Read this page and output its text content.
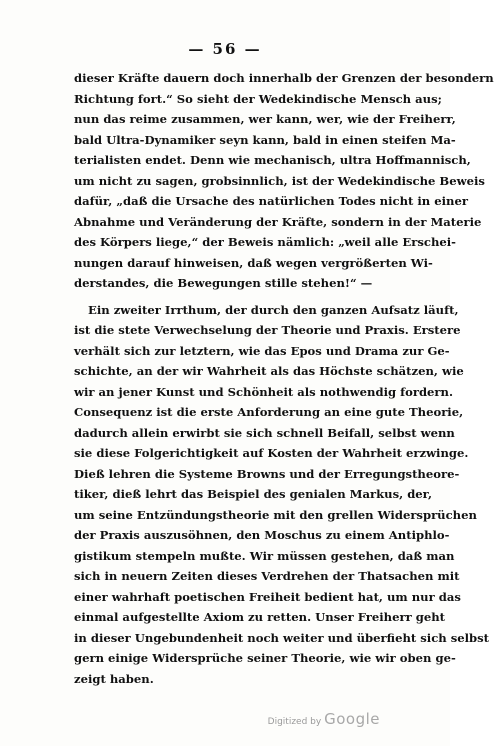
— 56 —
dieser Kräfte dauern doch innerhalb der Grenzen der besondern
Richtung fort.“ So sieht der Wedekindische Mensch aus;
nun das reime zusammen, wer kann, wer, wie der Freiherr,
bald Ultra-Dynamiker seyn kann, bald in einen steifen Ma-
terialisten endet. Denn wie mechanisch, ultra Hoffmannisch,
um nicht zu sagen, grobsinnlich, ist der Wedekindische Beweis
dafür, „daß die Ursache des natürlichen Todes nicht in einer
Abnahme und Veränderung der Kräfte, sondern in der Materie
des Körpers liege,“ der Beweis nämlich: „weil alle Erschei-
nungen darauf hinweisen, daß wegen vergrößerten Wi-
derstandes, die Bewegungen stille stehen!“ —
Ein zweiter Irrthum, der durch den ganzen Aufsatz läuft,
ist die stete Verwechselung der Theorie und Praxis. Erstere
verhält sich zur letztern, wie das Epos und Drama zur Ge-
schichte, an der wir Wahrheit als das Höchste schätzen, wie
wir an jener Kunst und Schönheit als nothwendig fordern.
Consequenz ist die erste Anforderung an eine gute Theorie,
dadurch allein erwirbt sie sich schnell Beifall, selbst wenn
sie diese Folgerichtigkeit auf Kosten der Wahrheit erzwinge.
Dieß lehren die Systeme Browns und der Erregungstheore-
tiker, dieß lehrt das Beispiel des genialen Markus, der,
um seine Entzündungstheorie mit den grellen Widersprüchen
der Praxis auszusöhnen, den Moschus zu einem Antiphlo-
gistikum stempeln mußte. Wir müssen gestehen, daß man
sich in neuern Zeiten dieses Verdrehen der Thatsachen mit
einer wahrhaft poetischen Freiheit bedient hat, um nur das
einmal aufgestellte Axiom zu retten. Unser Freiherr geht
in dieser Ungebundenheit noch weiter und überfieht sich selbst
gern einige Widersprüche seiner Theorie, wie wir oben ge-
zeigt haben.
Digitized by Google
